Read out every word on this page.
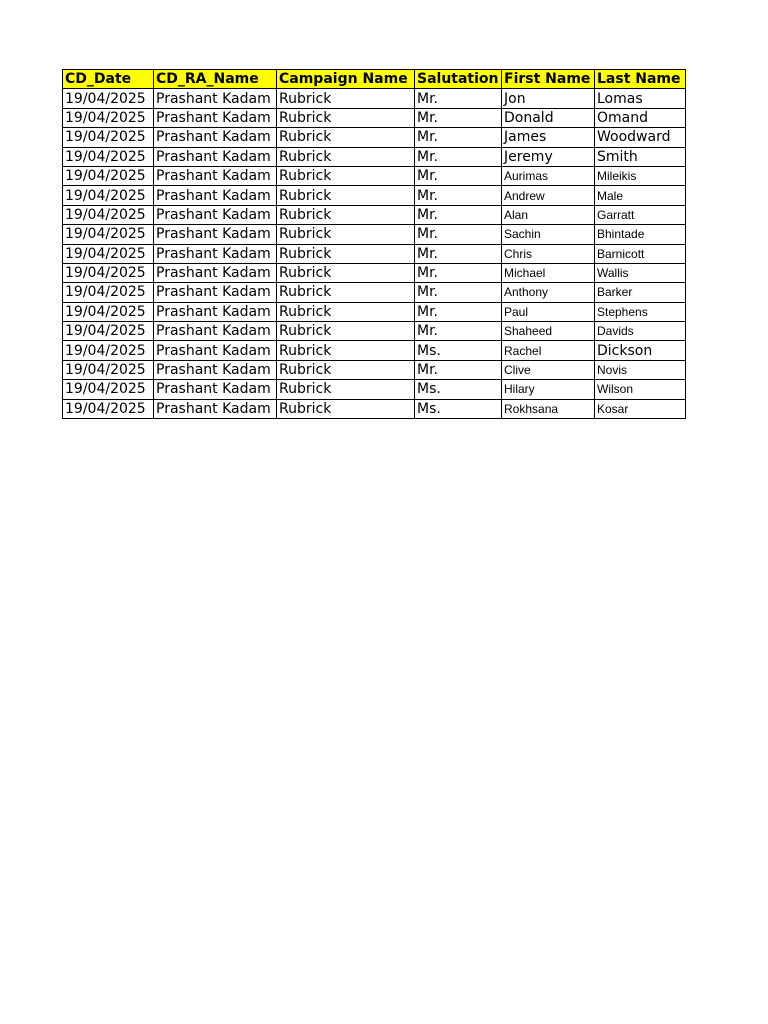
CD_Date	CD_RA_Name	Campaign Name	Salutation	First Name	Last Name
19/04/2025	Prashant Kadam	Rubrick	Mr.	Jon	Lomas
19/04/2025	Prashant Kadam	Rubrick	Mr.	Donald	Omand
19/04/2025	Prashant Kadam	Rubrick	Mr.	James	Woodward
19/04/2025	Prashant Kadam	Rubrick	Mr.	Jeremy	Smith
19/04/2025	Prashant Kadam	Rubrick	Mr.	Aurimas	Mileikis
19/04/2025	Prashant Kadam	Rubrick	Mr.	Andrew	Male
19/04/2025	Prashant Kadam	Rubrick	Mr.	Alan	Garratt
19/04/2025	Prashant Kadam	Rubrick	Mr.	Sachin	Bhintade
19/04/2025	Prashant Kadam	Rubrick	Mr.	Chris	Barnicott
19/04/2025	Prashant Kadam	Rubrick	Mr.	Michael	Wallis
19/04/2025	Prashant Kadam	Rubrick	Mr.	Anthony	Barker
19/04/2025	Prashant Kadam	Rubrick	Mr.	Paul	Stephens
19/04/2025	Prashant Kadam	Rubrick	Mr.	Shaheed	Davids
19/04/2025	Prashant Kadam	Rubrick	Ms.	Rachel	Dickson
19/04/2025	Prashant Kadam	Rubrick	Mr.	Clive	Novis
19/04/2025	Prashant Kadam	Rubrick	Ms.	Hilary	Wilson
19/04/2025	Prashant Kadam	Rubrick	Ms.	Rokhsana	Kosar
